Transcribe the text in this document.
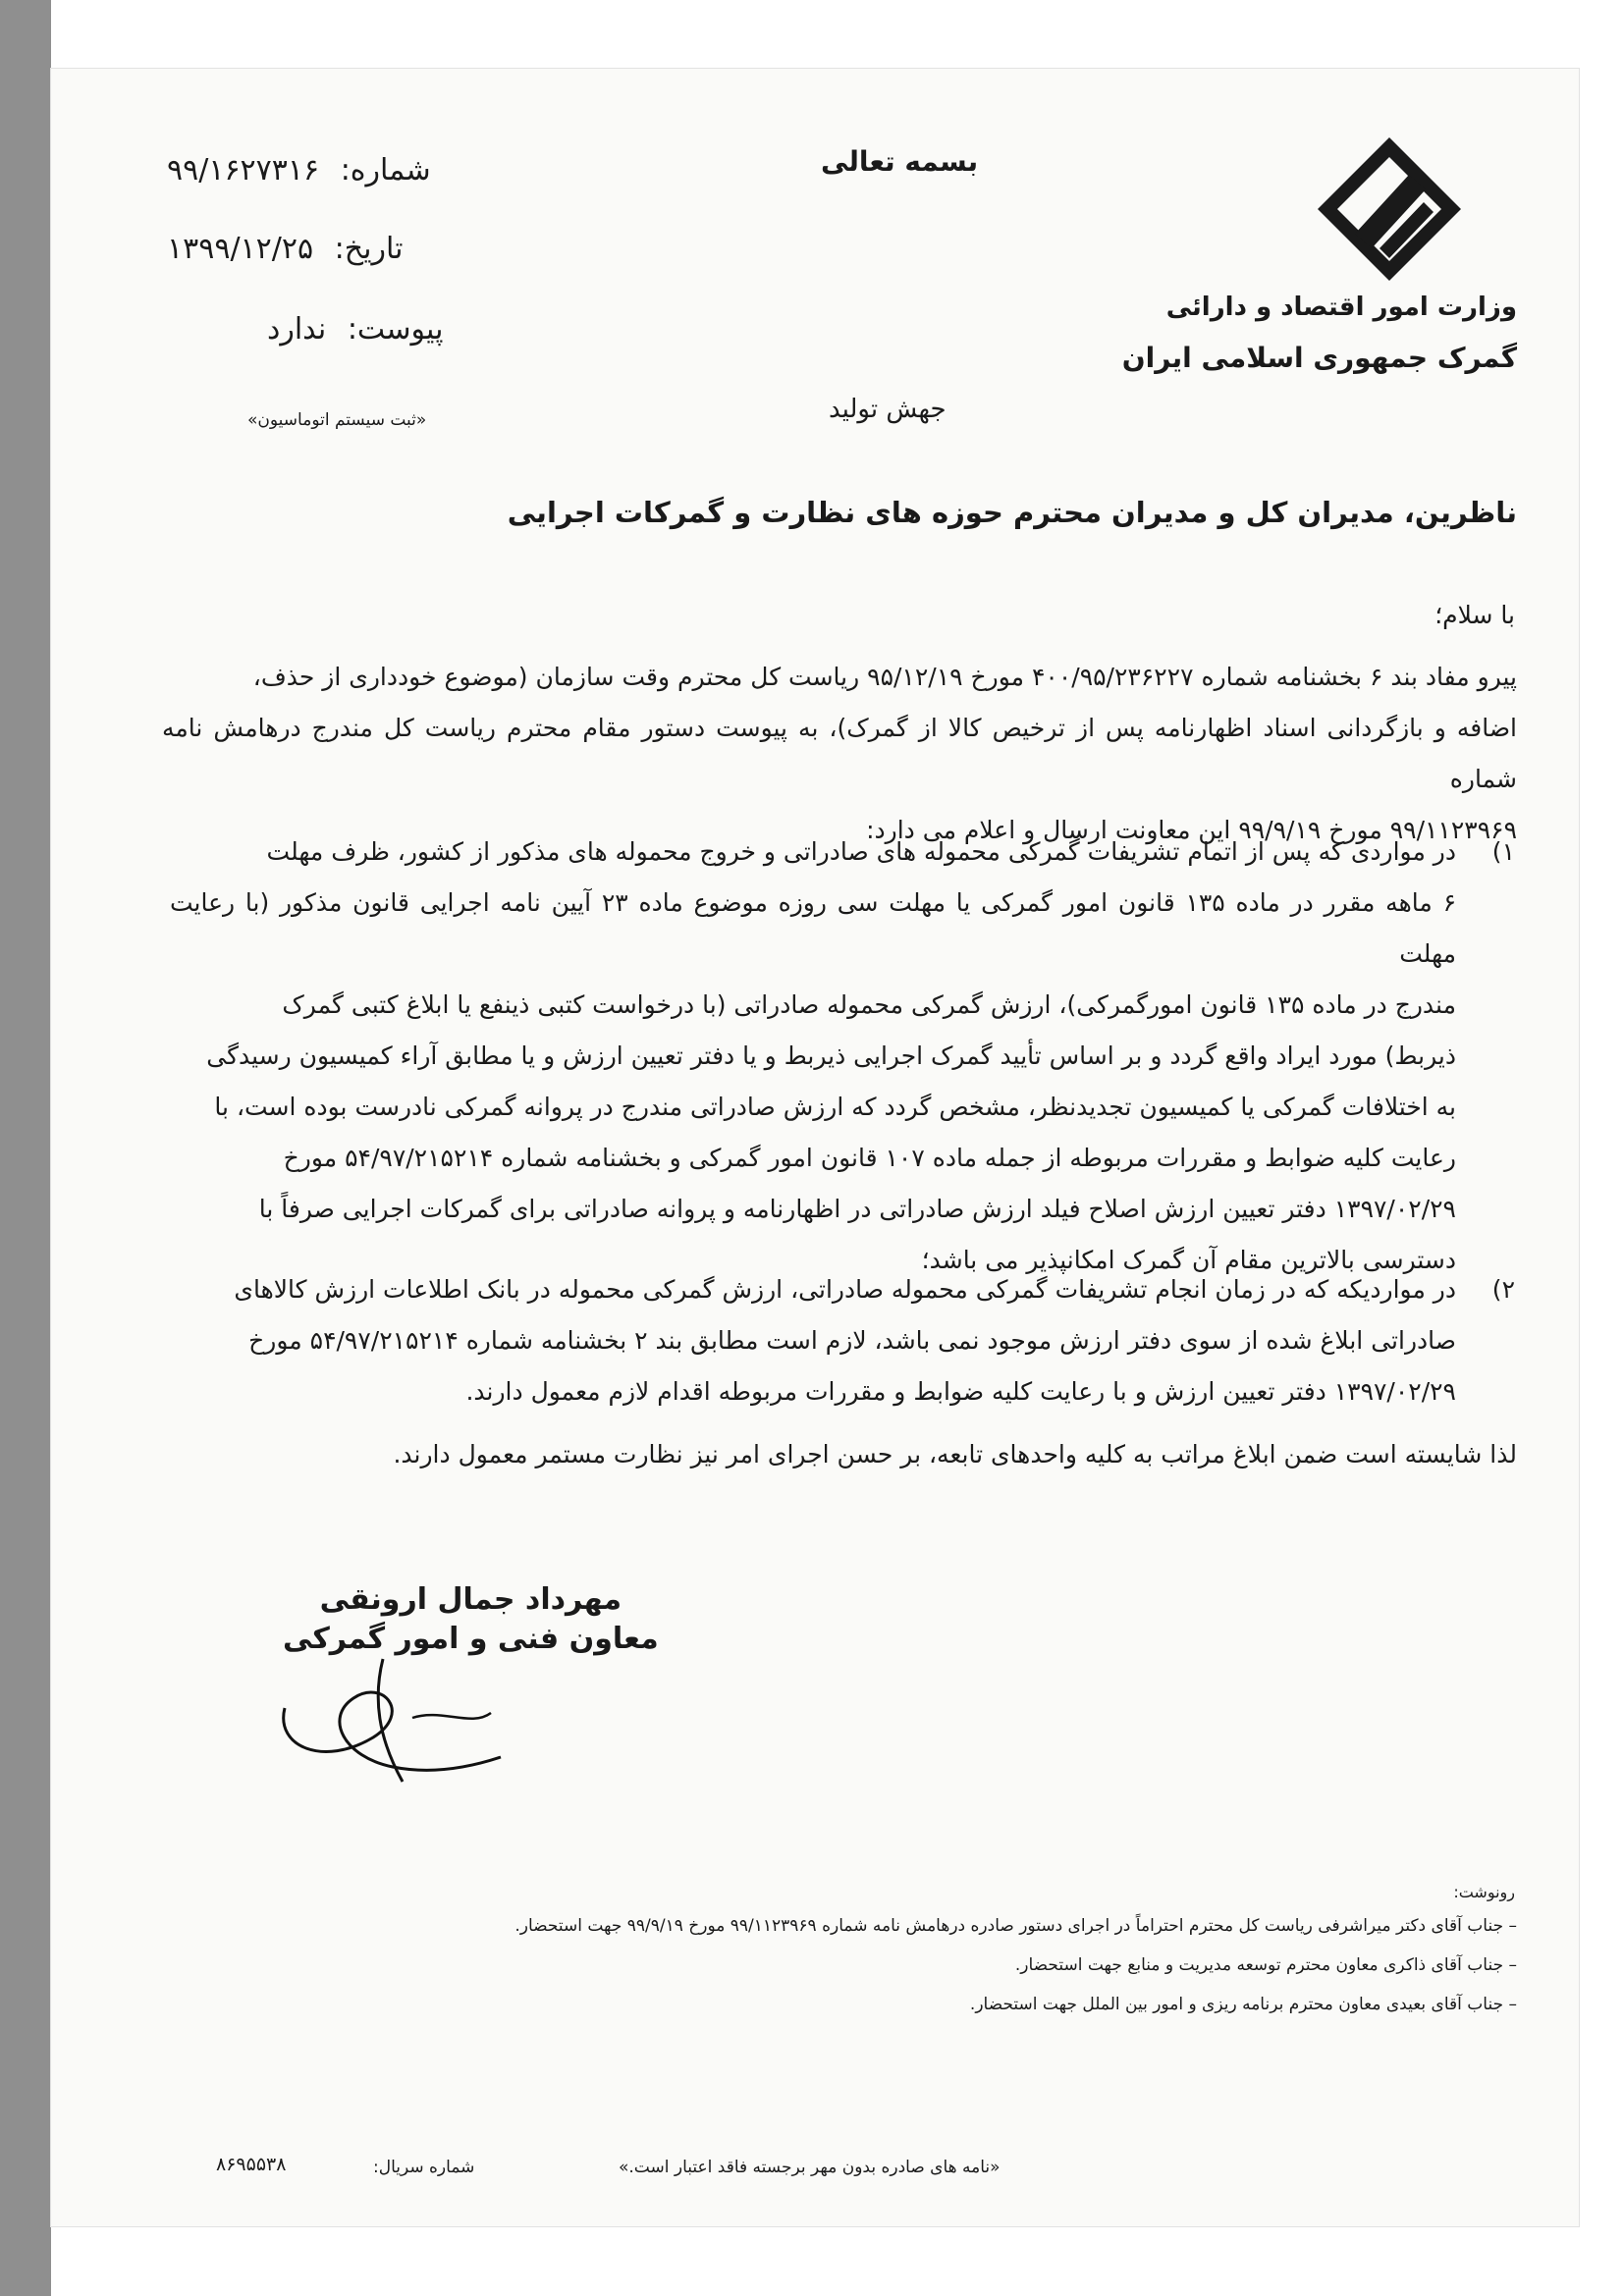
وزارت امور اقتصاد و دارائی
گمرک جمهوری اسلامی ایران
بسمه تعالی
شماره: ۹۹/۱۶۲۷۳۱۶
تاریخ: ۱۳۹۹/۱۲/۲۵
پیوست: ندارد
«ثبت سیستم اتوماسیون»	جهش تولید
ناظرین، مدیران کل و مدیران محترم حوزه های نظارت و گمرکات اجرایی
با سلام؛
پیرو مفاد بند ۶ بخشنامه شماره ۴۰۰/۹۵/۲۳۶۲۲۷ مورخ ۹۵/۱۲/۱۹ ریاست کل محترم وقت سازمان (موضوع خودداری از حذف،
اضافه و بازگردانی اسناد اظهارنامه پس از ترخیص کالا از گمرک)، به پیوست دستور مقام محترم ریاست کل مندرج درهامش نامه شماره
۹۹/۱۱۲۳۹۶۹ مورخ ۹۹/۹/۱۹ این معاونت ارسال و اعلام می دارد:
۱)
در مواردی که پس از اتمام تشریفات گمرکی محموله های صادراتی و خروج محموله های مذکور از کشور، ظرف مهلت
۶ ماهه مقرر در ماده ۱۳۵ قانون امور گمرکی یا مهلت سی روزه موضوع ماده ۲۳ آیین نامه اجرایی قانون مذکور (با رعایت مهلت
مندرج در ماده ۱۳۵ قانون امورگمرکی)، ارزش گمرکی محموله صادراتی (با درخواست کتبی ذینفع یا ابلاغ کتبی گمرک
ذیربط) مورد ایراد واقع گردد و بر اساس تأیید گمرک اجرایی ذیربط و یا دفتر تعیین ارزش و یا مطابق آراء کمیسیون رسیدگی
به اختلافات گمرکی یا کمیسیون تجدیدنظر، مشخص گردد که ارزش صادراتی مندرج در پروانه گمرکی نادرست بوده است، با
رعایت کلیه ضوابط و مقررات مربوطه از جمله ماده ۱۰۷ قانون امور گمرکی و بخشنامه شماره ۵۴/۹۷/۲۱۵۲۱۴ مورخ
۱۳۹۷/۰۲/۲۹ دفتر تعیین ارزش اصلاح فیلد ارزش صادراتی در اظهارنامه و پروانه صادراتی برای گمرکات اجرایی صرفاً با
دسترسی بالاترین مقام آن گمرک امکانپذیر می باشد؛
۲)
در مواردیکه که در زمان انجام تشریفات گمرکی محموله صادراتی، ارزش گمرکی محموله در بانک اطلاعات ارزش کالاهای
صادراتی ابلاغ شده از سوی دفتر ارزش موجود نمی باشد، لازم است مطابق بند ۲ بخشنامه شماره ۵۴/۹۷/۲۱۵۲۱۴ مورخ
۱۳۹۷/۰۲/۲۹ دفتر تعیین ارزش و با رعایت کلیه ضوابط و مقررات مربوطه اقدام لازم معمول دارند.
لذا شایسته است ضمن ابلاغ مراتب به کلیه واحدهای تابعه، بر حسن اجرای امر نیز نظارت مستمر معمول دارند.
مهرداد جمال ارونقی
معاون فنی و امور گمرکی
رونوشت:
– جناب آقای دکتر میراشرفی ریاست کل محترم احتراماً در اجرای دستور صادره درهامش نامه شماره ۹۹/۱۱۲۳۹۶۹ مورخ ۹۹/۹/۱۹ جهت استحضار.
– جناب آقای ذاکری معاون محترم توسعه مدیریت و منابع جهت استحضار.
– جناب آقای بعیدی معاون محترم برنامه ریزی و امور بین الملل جهت استحضار.
«نامه های صادره بدون مهر برجسته فاقد اعتبار است.»
شماره سریال:
۸۶۹۵۵۳۸
